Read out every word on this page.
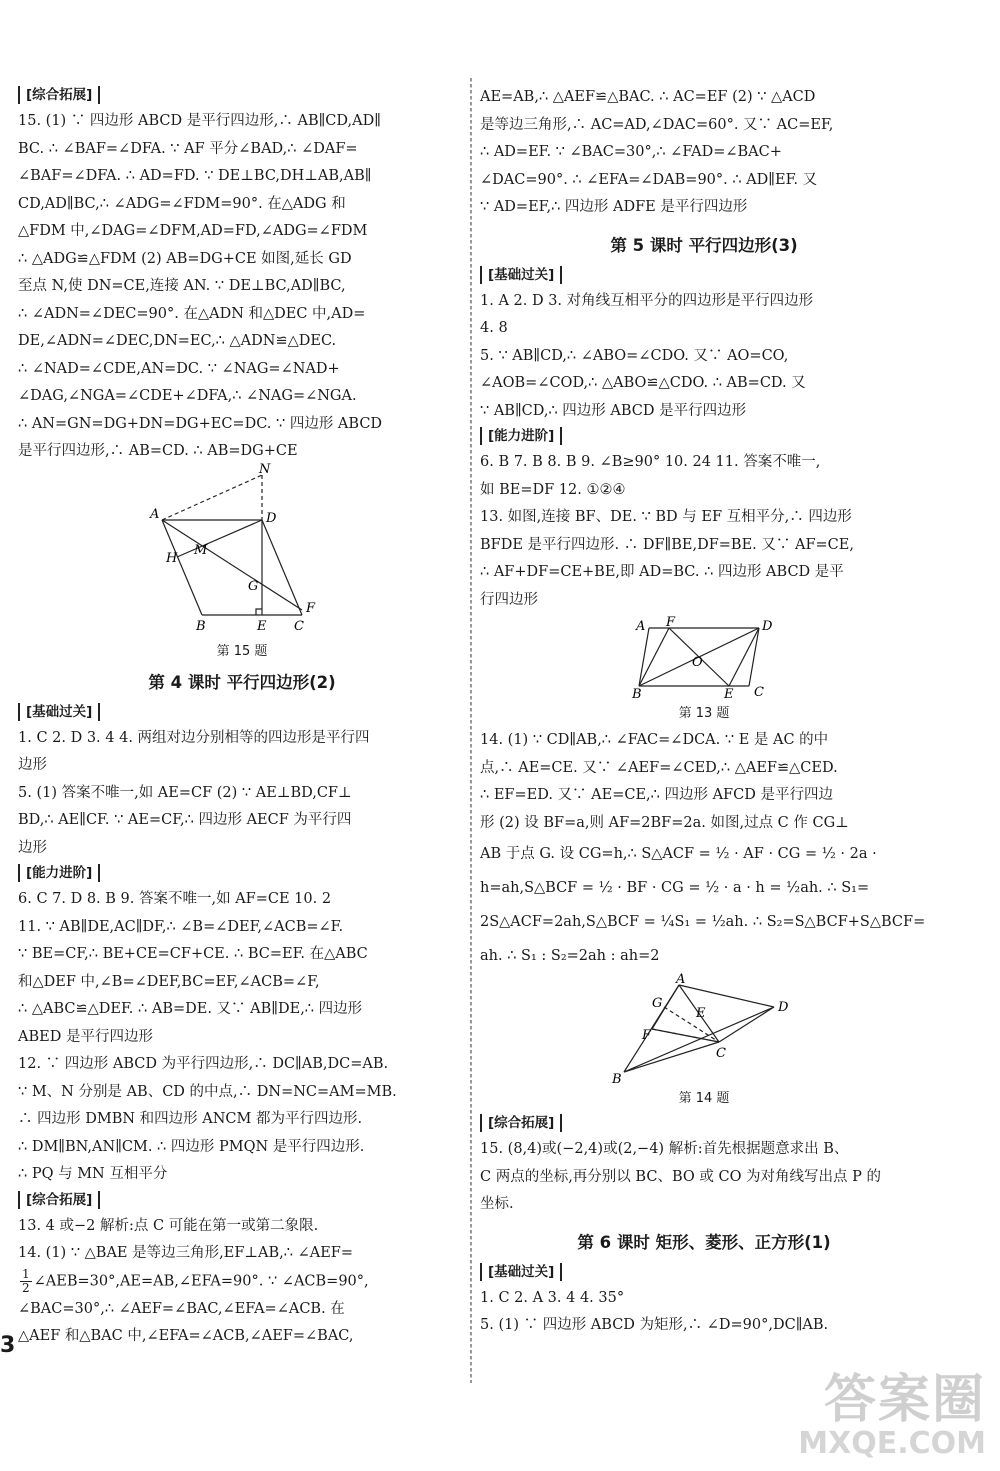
[综合拓展]

15. (1) ∵ 四边形 ABCD 是平行四边形,∴ AB∥CD,AD∥

BC. ∴ ∠BAF=∠DFA. ∵ AF 平分∠BAD,∴ ∠DAF=

∠BAF=∠DFA. ∴ AD=FD. ∵ DE⊥BC,DH⊥AB,AB∥

CD,AD∥BC,∴ ∠ADG=∠FDM=90°. 在△ADG 和

△FDM 中,∠DAG=∠DFM,AD=FD,∠ADG=∠FDM

∴ △ADG≌△FDM (2) AB=DG+CE 如图,延长 GD

至点 N,使 DN=CE,连接 AN. ∵ DE⊥BC,AD∥BC,

∴ ∠ADN=∠DEC=90°. 在△ADN 和△DEC 中,AD=

DE,∠ADN=∠DEC,DN=EC,∴ △ADN≌△DEC.

∴ ∠NAD=∠CDE,AN=DC. ∵ ∠NAG=∠NAD+

∠DAG,∠NGA=∠CDE+∠DFA,∴ ∠NAG=∠NGA.

∴ AN=GN=DG+DN=DG+EC=DC. ∵ 四边形 ABCD

是平行四边形,∴ AB=CD. ∴ AB=DG+CE

N
A	D
H
M
G
B	E C
F
第 15 题
第 4 课时 平行四边形(2)
[基础过关]

1. C 2. D 3. 4 4. 两组对边分别相等的四边形是平行四

边形

5. (1) 答案不唯一,如 AE=CF (2) ∵ AE⊥BD,CF⊥

BD,∴ AE∥CF. ∵ AE=CF,∴ 四边形 AECF 为平行四

边形

[能力进阶]

6. C 7. D 8. B 9. 答案不唯一,如 AF=CE 10. 2

11. ∵ AB∥DE,AC∥DF,∴ ∠B=∠DEF,∠ACB=∠F.

∵ BE=CF,∴ BE+CE=CF+CE. ∴ BC=EF. 在△ABC

和△DEF 中,∠B=∠DEF,BC=EF,∠ACB=∠F,

∴ △ABC≌△DEF. ∴ AB=DE. 又∵ AB∥DE,∴ 四边形

ABED 是平行四边形

12. ∵ 四边形 ABCD 为平行四边形,∴ DC∥AB,DC=AB.

∵ M、N 分别是 AB、CD 的中点,∴ DN=NC=AM=MB.

∴ 四边形 DMBN 和四边形 ANCM 都为平行四边形.

∴ DM∥BN,AN∥CM. ∴ 四边形 PMQN 是平行四边形.

∴ PQ 与 MN 互相平分

[综合拓展]

13. 4 或−2 解析:点 C 可能在第一或第二象限.

14. (1) ∵ △BAE 是等边三角形,EF⊥AB,∴ ∠AEF=

$\frac{1}{2}$ ∠AEB=30°,AE=AB,∠EFA=90°. ∵ ∠ACB=90°,

∠BAC=30°,∴ ∠AEF=∠BAC,∠EFA=∠ACB. 在

△AEF 和△BAC 中,∠EFA=∠ACB,∠AEF=∠BAC,

AE=AB,∴ △AEF≌△BAC. ∴ AC=EF (2) ∵ △ACD

是等边三角形,∴ AC=AD,∠DAC=60°. 又∵ AC=EF,

∴ AD=EF. ∵ ∠BAC=30°,∴ ∠FAD=∠BAC+

∠DAC=90°. ∴ ∠EFA=∠DAB=90°. ∴ AD∥EF. 又

∵ AD=EF,∴ 四边形 ADFE 是平行四边形

第 5 课时 平行四边形(3)
[基础过关]

1. A 2. D 3. 对角线互相平分的四边形是平行四边形

4. 8

5. ∵ AB∥CD,∴ ∠ABO=∠CDO. 又∵ AO=CO,

∠AOB=∠COD,∴ △ABO≌△CDO. ∴ AB=CD. 又

∵ AB∥CD,∴ 四边形 ABCD 是平行四边形

[能力进阶]

6. B 7. B 8. B 9. ∠B≥90° 10. 24 11. 答案不唯一,

如 BE=DF 12. ①②④

13. 如图,连接 BF、DE. ∵ BD 与 EF 互相平分,∴ 四边形

BFDE 是平行四边形. ∴ DF∥BE,DF=BE. 又∵ AF=CE,

∴ AF+DF=CE+BE,即 AD=BC. ∴ 四边形 ABCD 是平

行四边形

A F	D
O
B	E C
第 13 题

14. (1) ∵ CD∥AB,∴ ∠FAC=∠DCA. ∵ E 是 AC 的中

点,∴ AE=CE. 又∵ ∠AEF=∠CED,∴ △AEF≌△CED.

∴ EF=ED. 又∵ AE=CE,∴ 四边形 AFCD 是平行四边

形 (2) 设 BF=a,则 AF=2BF=2a. 如图,过点 C 作 CG⊥

AB 于点 G. 设 CG=h,∴ S△ACF = ½ · AF · CG = ½ · 2a ·

h=ah,S△BCF = ½ · BF · CG = ½ · a · h = ½ah. ∴ S₁=

2S△ACF=2ah,S△BCF = ¼S₁ = ½ah. ∴ S₂=S△BCF+S△BCF=

ah. ∴ S₁ : S₂=2ah : ah=2

A
G
E	D
F
C
B
第 14 题
[综合拓展]

15. (8,4)或(−2,4)或(2,−4) 解析:首先根据题意求出 B、

C 两点的坐标,再分别以 BC、BO 或 CO 为对角线写出点 P 的

坐标.

第 6 课时 矩形、菱形、正方形(1)
[基础过关]

1. C 2. A 3. 4 4. 35°

5. (1) ∵ 四边形 ABCD 为矩形,∴ ∠D=90°,DC∥AB.

3
答案圈
MXQE.COM
